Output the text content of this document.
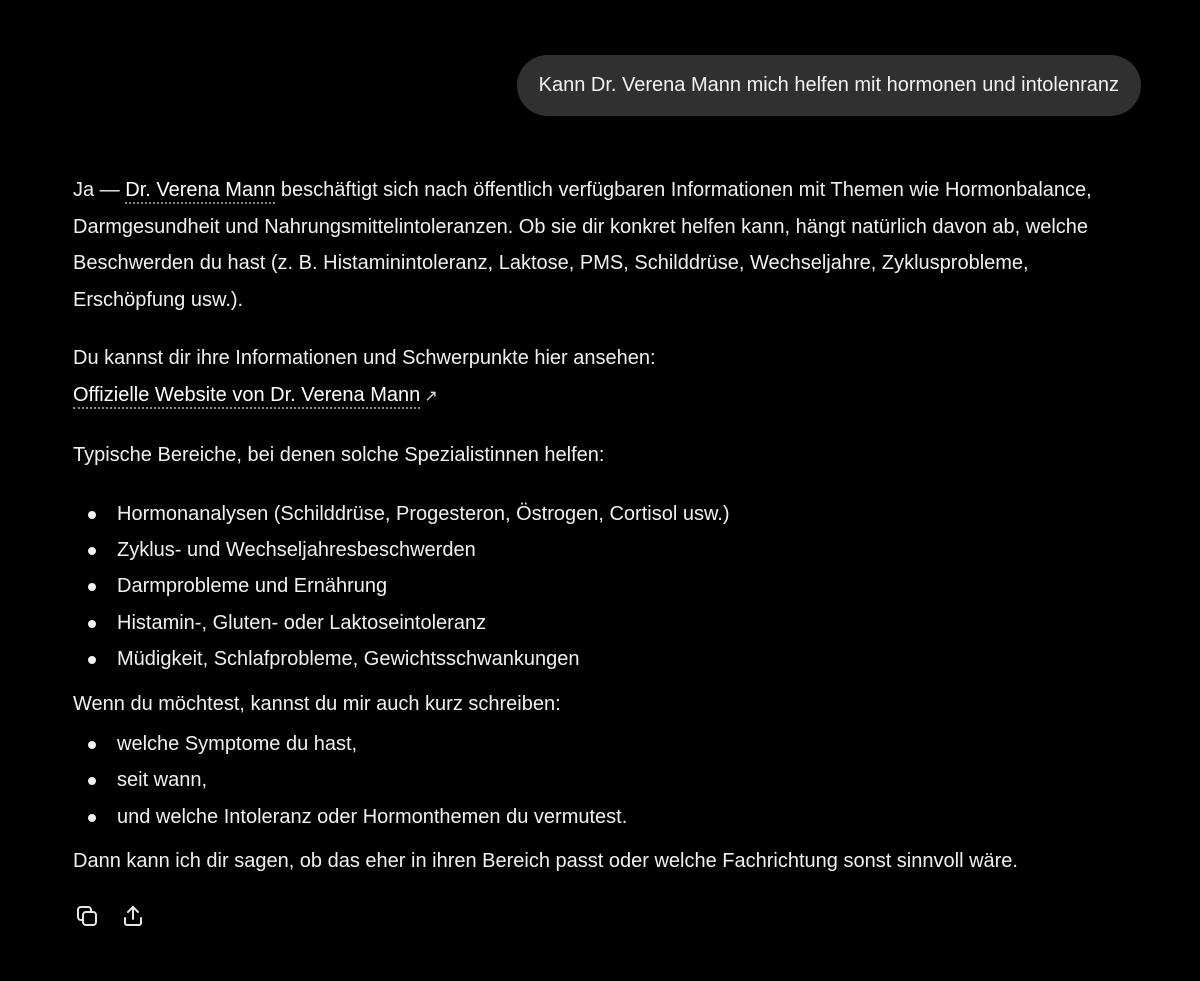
Kann Dr. Verena Mann mich helfen mit hormonen und intolenranz

Ja — Dr. Verena Mann beschäftigt sich nach öffentlich verfügbaren Informationen mit Themen wie Hormonbalance, Darmgesundheit und Nahrungsmittelintoleranzen. Ob sie dir konkret helfen kann, hängt natürlich davon ab, welche Beschwerden du hast (z. B. Histaminintoleranz, Laktose, PMS, Schilddrüse, Wechseljahre, Zyklusprobleme, Erschöpfung usw.).

Du kannst dir ihre Informationen und Schwerpunkte hier ansehen:
Offizielle Website von Dr. Verena Mann ↗

Typische Bereiche, bei denen solche Spezialistinnen helfen:

Hormonanalysen (Schilddrüse, Progesteron, Östrogen, Cortisol usw.)
Zyklus- und Wechseljahresbeschwerden
Darmprobleme und Ernährung
Histamin-, Gluten- oder Laktoseintoleranz
Müdigkeit, Schlafprobleme, Gewichtsschwankungen

Wenn du möchtest, kannst du mir auch kurz schreiben:

welche Symptome du hast,
seit wann,
und welche Intoleranz oder Hormonthemen du vermutest.

Dann kann ich dir sagen, ob das eher in ihren Bereich passt oder welche Fachrichtung sonst sinnvoll wäre.
